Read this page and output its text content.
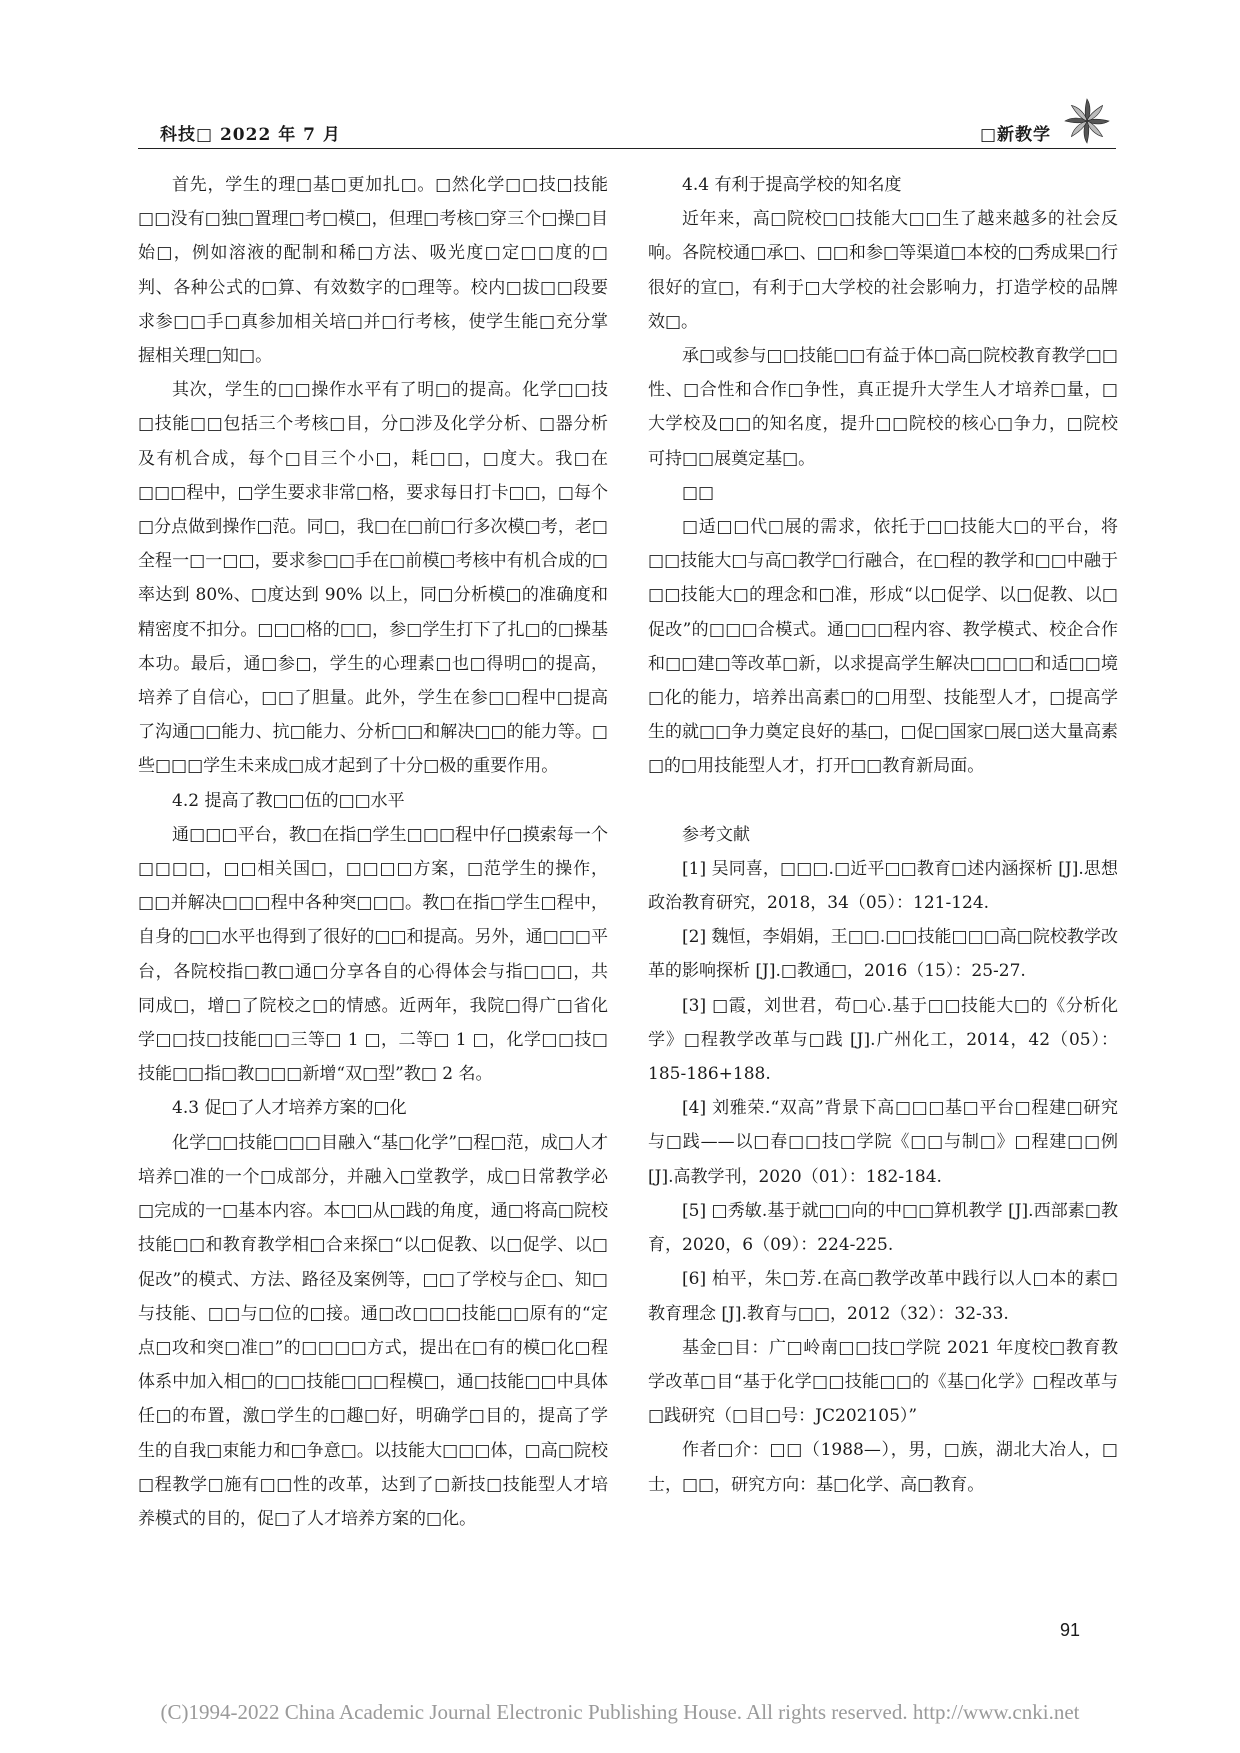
科技□ 2022 年 7 月	□新教学

首先，学生的理□基□更加扎□。□然化学□□技□技能□□没有□独□置理□考□模□，但理□考核□穿三个□操□目始□，例如溶液的配制和稀□方法、吸光度□定□□度的□判、各种公式的□算、有效数字的□理等。校内□拔□□段要求参□□手□真参加相关培□并□行考核，使学生能□充分掌握相关理□知□。

其次，学生的□□操作水平有了明□的提高。化学□□技□技能□□包括三个考核□目，分□涉及化学分析、□器分析及有机合成，每个□目三个小□，耗□□，□度大。我□在□□□程中，□学生要求非常□格，要求每日打卡□□，□每个□分点做到操作□范。同□，我□在□前□行多次模□考，老□全程一□一□□，要求参□□手在□前模□考核中有机合成的□率达到 80%、□度达到 90% 以上，同□分析模□的准确度和精密度不扣分。□□□格的□□，参□学生打下了扎□的□操基本功。最后，通□参□，学生的心理素□也□得明□的提高，培养了自信心，□□了胆量。此外，学生在参□□程中□提高了沟通□□能力、抗□能力、分析□□和解决□□的能力等。□些□□□学生未来成□成才起到了十分□极的重要作用。

4.2 提高了教□□伍的□□水平

通□□□平台，教□在指□学生□□□程中仔□摸索每一个□□□□，□□相关国□，□□□□方案，□范学生的操作，□□并解决□□□程中各种突□□□。教□在指□学生□程中，自身的□□水平也得到了很好的□□和提高。另外，通□□□平台，各院校指□教□通□分享各自的心得体会与指□□□，共同成□，增□了院校之□的情感。近两年，我院□得广□省化学□□技□技能□□三等□ 1 □，二等□ 1 □，化学□□技□技能□□指□教□□□新增“双□型”教□ 2 名。

4.3 促□了人才培养方案的□化

化学□□技能□□□目融入“基□化学”□程□范，成□人才培养□准的一个□成部分，并融入□堂教学，成□日常教学必□完成的一□基本内容。本□□从□践的角度，通□将高□院校技能□□和教育教学相□合来探□“以□促教、以□促学、以□促改”的模式、方法、路径及案例等，□□了学校与企□、知□与技能、□□与□位的□接。通□改□□□技能□□原有的“定点□攻和突□准□”的□□□□方式，提出在□有的模□化□程体系中加入相□的□□技能□□□程模□，通□技能□□中具体任□的布置，激□学生的□趣□好，明确学□目的，提高了学生的自我□束能力和□争意□。以技能大□□□体，□高□院校□程教学□施有□□性的改革，达到了□新技□技能型人才培养模式的目的，促□了人才培养方案的□化。

4.4 有利于提高学校的知名度

近年来，高□院校□□技能大□□生了越来越多的社会反响。各院校通□承□、□□和参□等渠道□本校的□秀成果□行很好的宣□，有利于□大学校的社会影响力，打造学校的品牌效□。

承□或参与□□技能□□有益于体□高□院校教育教学□□性、□合性和合作□争性，真正提升大学生人才培养□量，□大学校及□□的知名度，提升□□院校的核心□争力，□院校可持□□展奠定基□。

□□

□适□□代□展的需求，依托于□□技能大□的平台，将□□技能大□与高□教学□行融合，在□程的教学和□□中融于□□技能大□的理念和□准，形成“以□促学、以□促教、以□促改”的□□□合模式。通□□□程内容、教学模式、校企合作和□□建□等改革□新，以求提高学生解决□□□□和适□□境□化的能力，培养出高素□的□用型、技能型人才，□提高学生的就□□争力奠定良好的基□，□促□国家□展□送大量高素□的□用技能型人才，打开□□教育新局面。

参考文献
[1] 吴同喜，□□□.□近平□□教育□述内涵探析 [J].思想政治教育研究，2018，34（05）：121-124.
[2] 魏恒，李娟娟，王□□.□□技能□□□高□院校教学改革的影响探析 [J].□教通□，2016（15）：25-27.
[3] □霞，刘世君，苟□心.基于□□技能大□的《分析化学》□程教学改革与□践 [J].广州化工，2014，42（05）：185-186+188.
[4] 刘雅荣.“双高”背景下高□□□基□平台□程建□研究与□践——以□春□□技□学院《□□与制□》□程建□□例 [J].高教学刊，2020（01）：182-184.
[5] □秀敏.基于就□□向的中□□算机教学 [J].西部素□教育，2020，6（09）：224-225.
[6] 柏平，朱□芳.在高□教学改革中践行以人□本的素□教育理念 [J].教育与□□，2012（32）：32-33.

基金□目：广□岭南□□技□学院 2021 年度校□教育教学改革□目“基于化学□□技能□□的《基□化学》□程改革与□践研究（□目□号：JC202105）”

作者□介：□□（1988—），男，□族，湖北大冶人，□士，□□，研究方向：基□化学、高□教育。

91
(C)1994-2022 China Academic Journal Electronic Publishing House. All rights reserved. http://www.cnki.net
